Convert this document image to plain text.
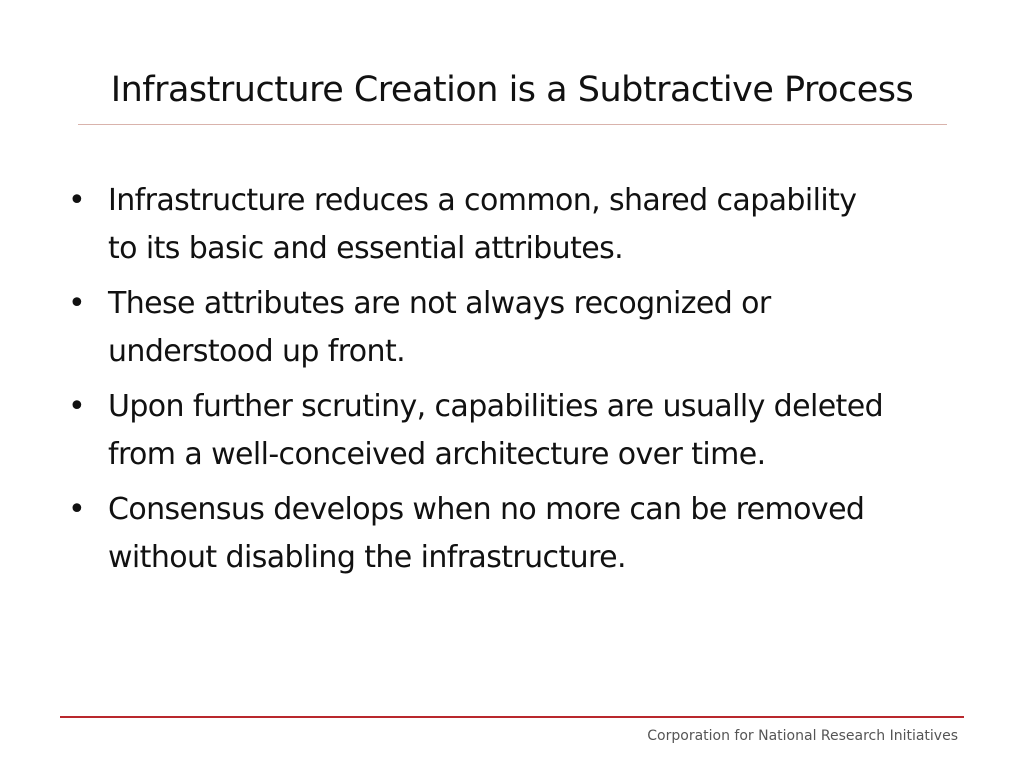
Infrastructure Creation is a Subtractive Process
• Infrastructure reduces a common, shared capability
to its basic and essential attributes.
• These attributes are not always recognized or
understood up front.
• Upon further scrutiny, capabilities are usually deleted
from a well-conceived architecture over time.
• Consensus develops when no more can be removed
without disabling the infrastructure.
Corporation for National Research Initiatives
